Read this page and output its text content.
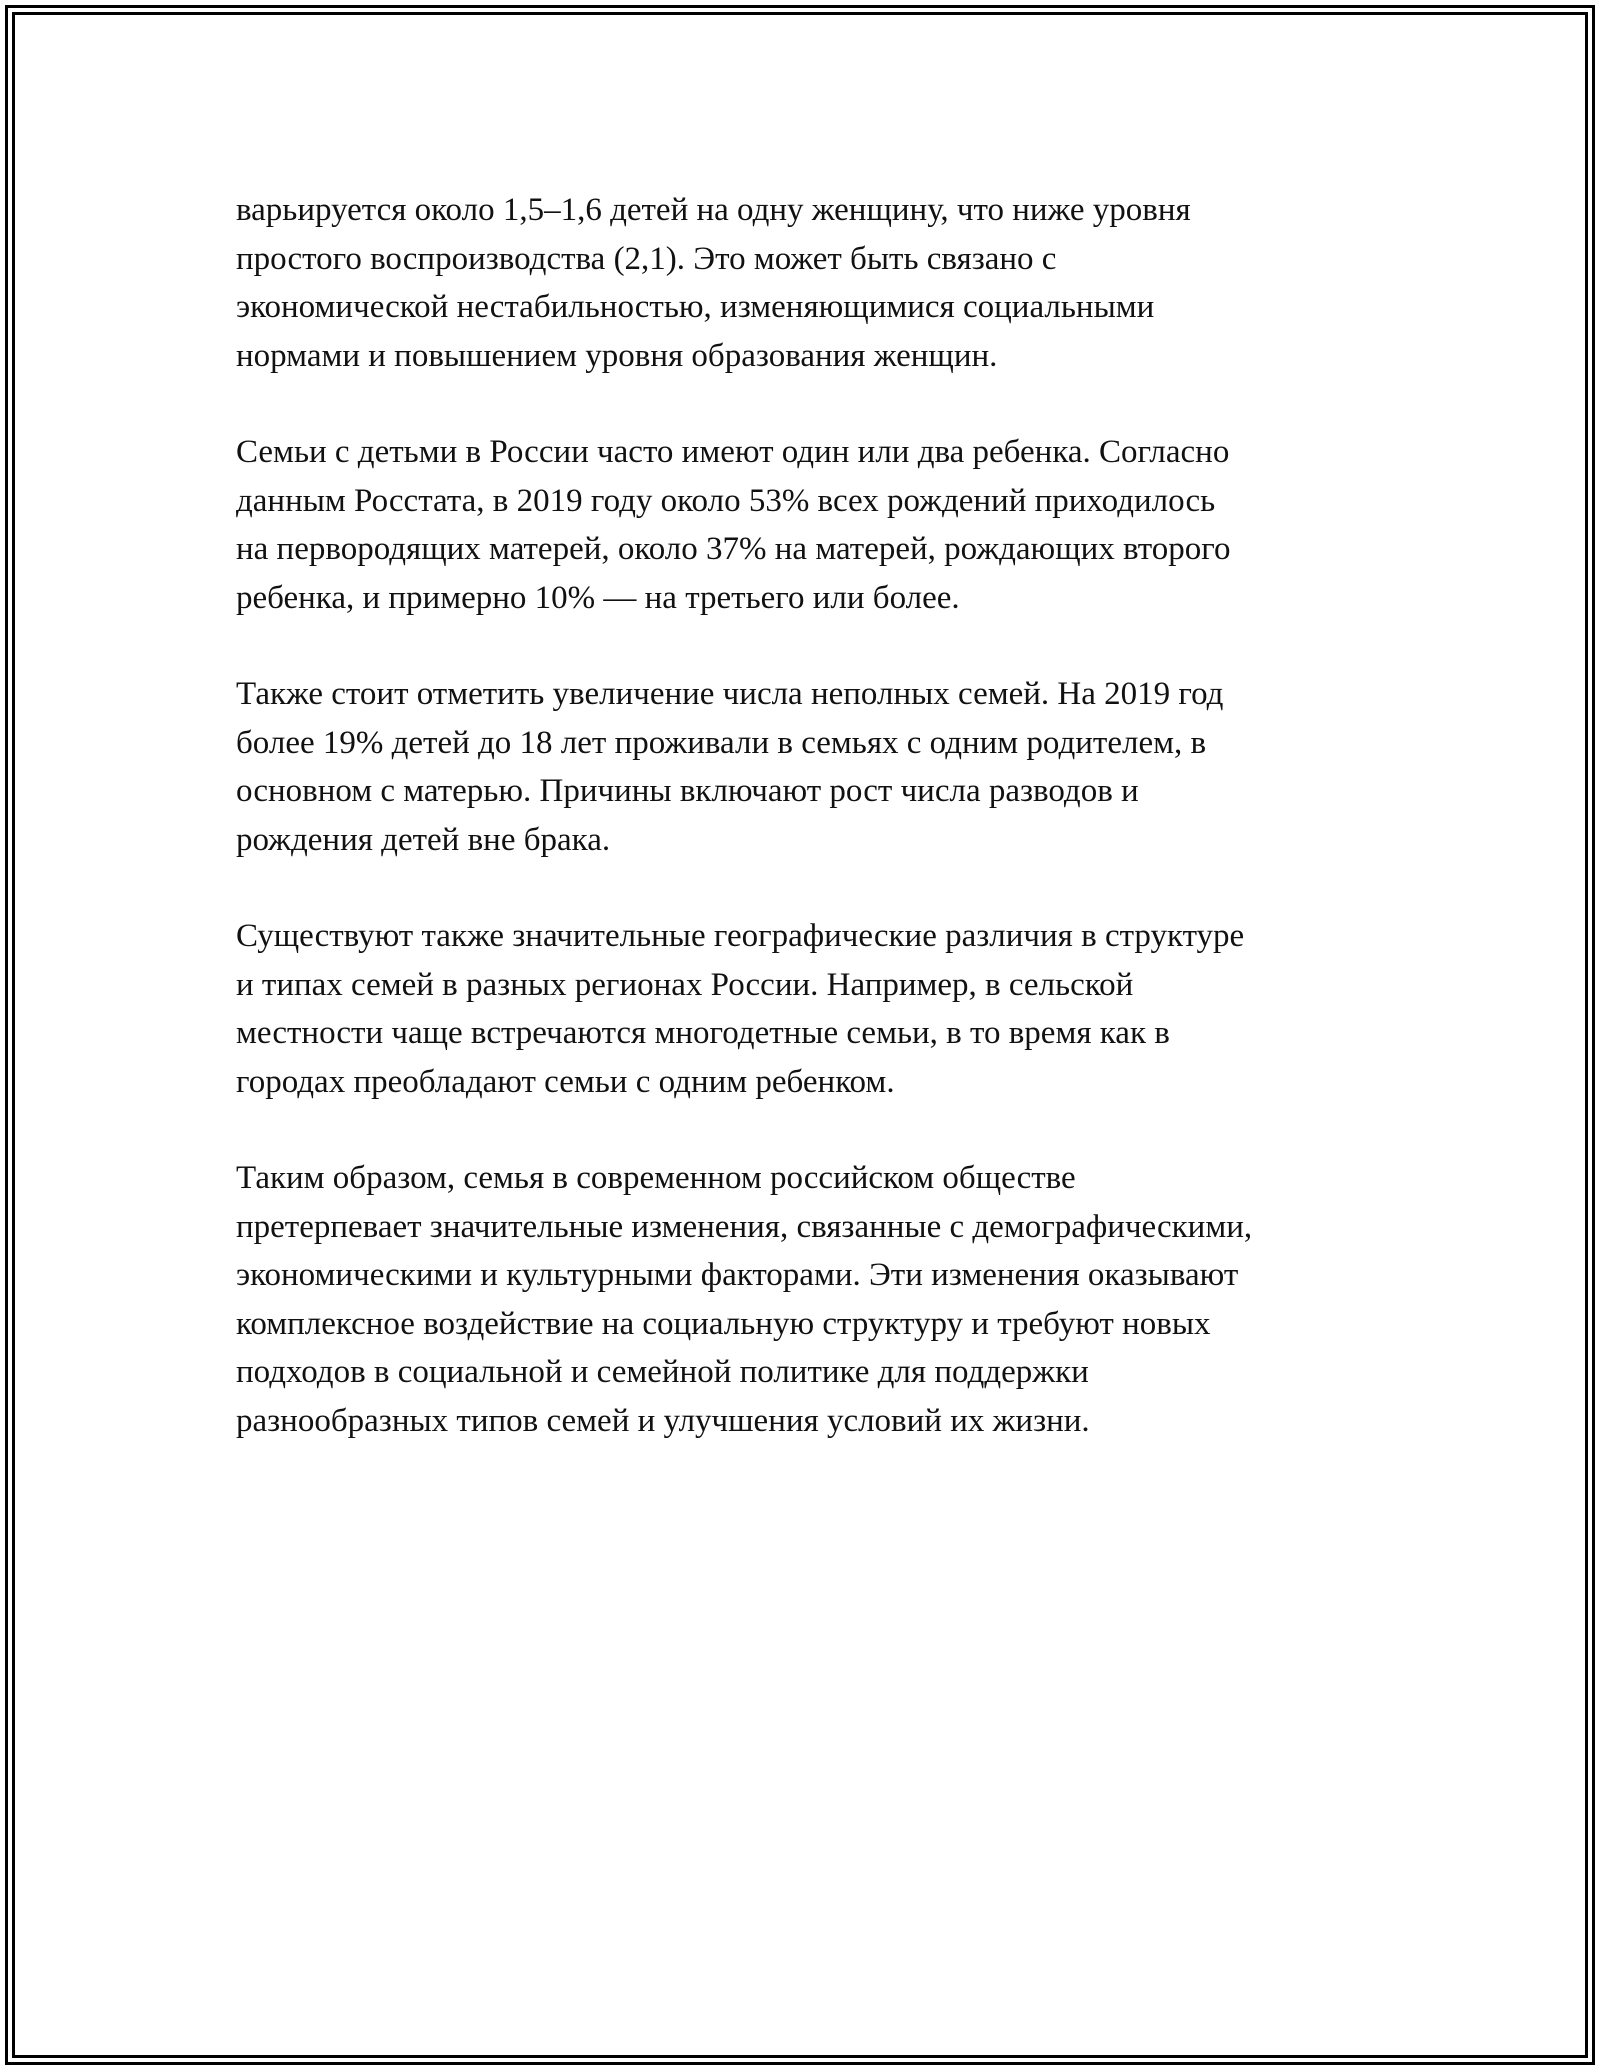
варьируется около 1,5–1,6 детей на одну женщину, что ниже уровня
простого воспроизводства (2,1). Это может быть связано с
экономической нестабильностью, изменяющимися социальными
нормами и повышением уровня образования женщин.

Семьи с детьми в России часто имеют один или два ребенка. Согласно
данным Росстата, в 2019 году около 53% всех рождений приходилось
на первородящих матерей, около 37% на матерей, рождающих второго
ребенка, и примерно 10% — на третьего или более.

Также стоит отметить увеличение числа неполных семей. На 2019 год
более 19% детей до 18 лет проживали в семьях с одним родителем, в
основном с матерью. Причины включают рост числа разводов и
рождения детей вне брака.

Существуют также значительные географические различия в структуре
и типах семей в разных регионах России. Например, в сельской
местности чаще встречаются многодетные семьи, в то время как в
городах преобладают семьи с одним ребенком.

Таким образом, семья в современном российском обществе
претерпевает значительные изменения, связанные с демографическими,
экономическими и культурными факторами. Эти изменения оказывают
комплексное воздействие на социальную структуру и требуют новых
подходов в социальной и семейной политике для поддержки
разнообразных типов семей и улучшения условий их жизни.
